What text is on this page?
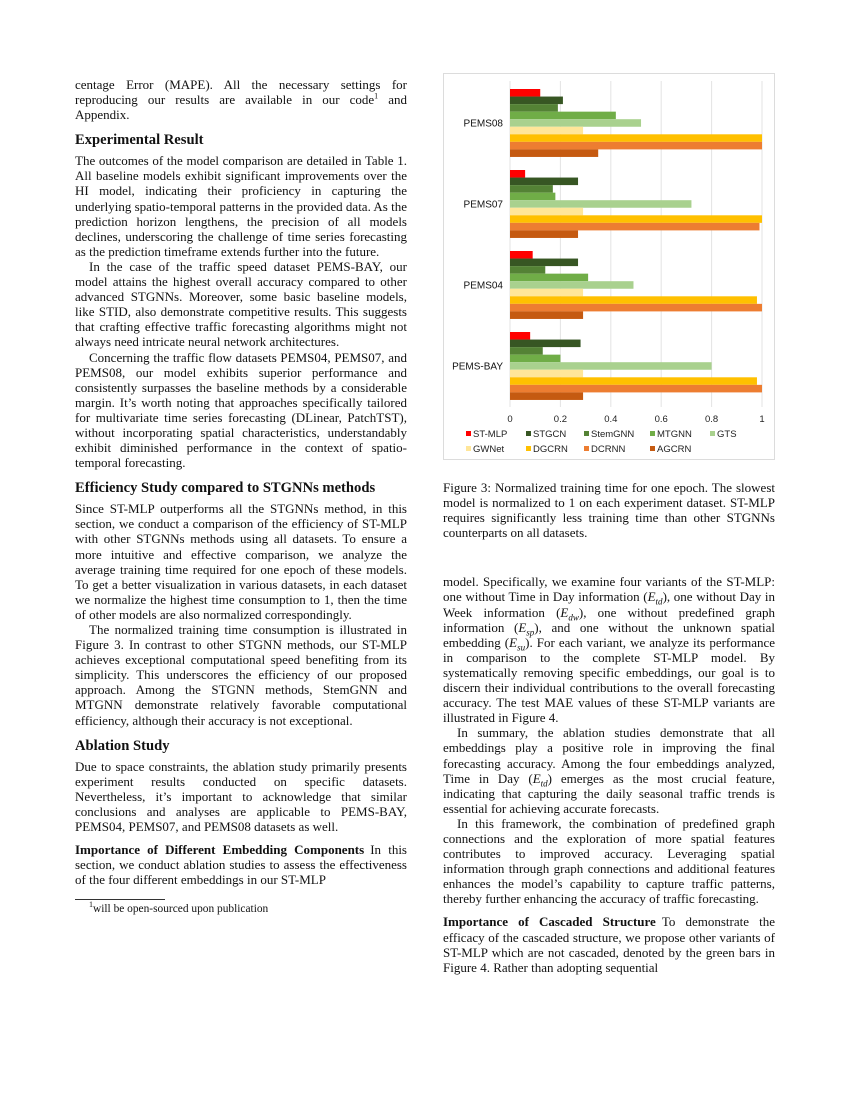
centage Error (MAPE). All the necessary settings for reproducing our results are available in our code$^1$ and Appendix.

Experimental Result

The outcomes of the model comparison are detailed in Table 1. All baseline models exhibit significant improvements over the HI model, indicating their proficiency in capturing the underlying spatio-temporal patterns in the provided data. As the prediction horizon lengthens, the precision of all models declines, underscoring the challenge of time series forecasting as the prediction timeframe extends further into the future.

In the case of the traffic speed dataset PEMS-BAY, our model attains the highest overall accuracy compared to other advanced STGNNs. Moreover, some basic baseline models, like STID, also demonstrate competitive results. This suggests that crafting effective traffic forecasting algorithms might not always need intricate neural network architectures.

Concerning the traffic flow datasets PEMS04, PEMS07, and PEMS08, our model exhibits superior performance and consistently surpasses the baseline methods by a considerable margin. It’s worth noting that approaches specifically tailored for multivariate time series forecasting (DLinear, PatchTST), without incorporating spatial characteristics, understandably exhibit diminished performance in the context of spatio-temporal forecasting.

Efficiency Study compared to STGNNs methods

Since ST-MLP outperforms all the STGNNs method, in this section, we conduct a comparison of the efficiency of ST-MLP with other STGNNs methods using all datasets. To ensure a more intuitive and effective comparison, we analyze the average training time required for one epoch of these models. To get a better visualization in various datasets, in each dataset we normalize the highest time consumption to 1, then the time of other models are also normalized correspondingly.

The normalized training time consumption is illustrated in Figure 3. In contrast to other STGNN methods, our ST-MLP achieves exceptional computational speed benefiting from its simplicity. This underscores the efficiency of our proposed approach. Among the STGNN methods, StemGNN and MTGNN demonstrate relatively favorable computational efficiency, although their accuracy is not exceptional.

Ablation Study

Due to space constraints, the ablation study primarily presents experiment results conducted on specific datasets. Nevertheless, it’s important to acknowledge that similar conclusions and analyses are applicable to PEMS-BAY, PEMS04, PEMS07, and PEMS08 datasets as well.

Importance of Different Embedding Components In this section, we conduct ablation studies to assess the effectiveness of the four different embeddings in our ST-MLP

$^1$will be open-sourced upon publication
0	0.2	0.4	0.6	0.8	1
PEMS08
PEMS07
PEMS04
PEMS-BAY
ST-MLP	STGCN	StemGNN MTGNN	GTS
GWNet	DGCRN DCRNN	AGCRN

Figure 3: Normalized training time for one epoch. The slowest model is normalized to 1 on each experiment dataset. ST-MLP requires significantly less training time than other STGNNs counterparts on all datasets.

model. Specifically, we examine four variants of the ST-MLP: one without Time in Day information $(E_{td})$, one without Day in Week information $(E_{dw})$, one without predefined graph information $(E_{sp})$, and one without the unknown spatial embedding $(E_{su})$. For each variant, we analyze its performance in comparison to the complete ST-MLP model. By systematically removing specific embeddings, our goal is to discern their individual contributions to the overall forecasting accuracy. The test MAE values of these ST-MLP variants are illustrated in Figure 4.

In summary, the ablation studies demonstrate that all embeddings play a positive role in improving the final forecasting accuracy. Among the four embeddings analyzed, Time in Day $(E_{td})$ emerges as the most crucial feature, indicating that capturing the daily seasonal traffic trends is essential for achieving accurate forecasts.

In this framework, the combination of predefined graph connections and the exploration of more spatial features contributes to improved accuracy. Leveraging spatial information through graph connections and additional features enhances the model’s capability to capture traffic patterns, thereby further enhancing the accuracy of traffic forecasting.

Importance of Cascaded Structure To demonstrate the efficacy of the cascaded structure, we propose other variants of ST-MLP which are not cascaded, denoted by the green bars in Figure 4. Rather than adopting sequential
